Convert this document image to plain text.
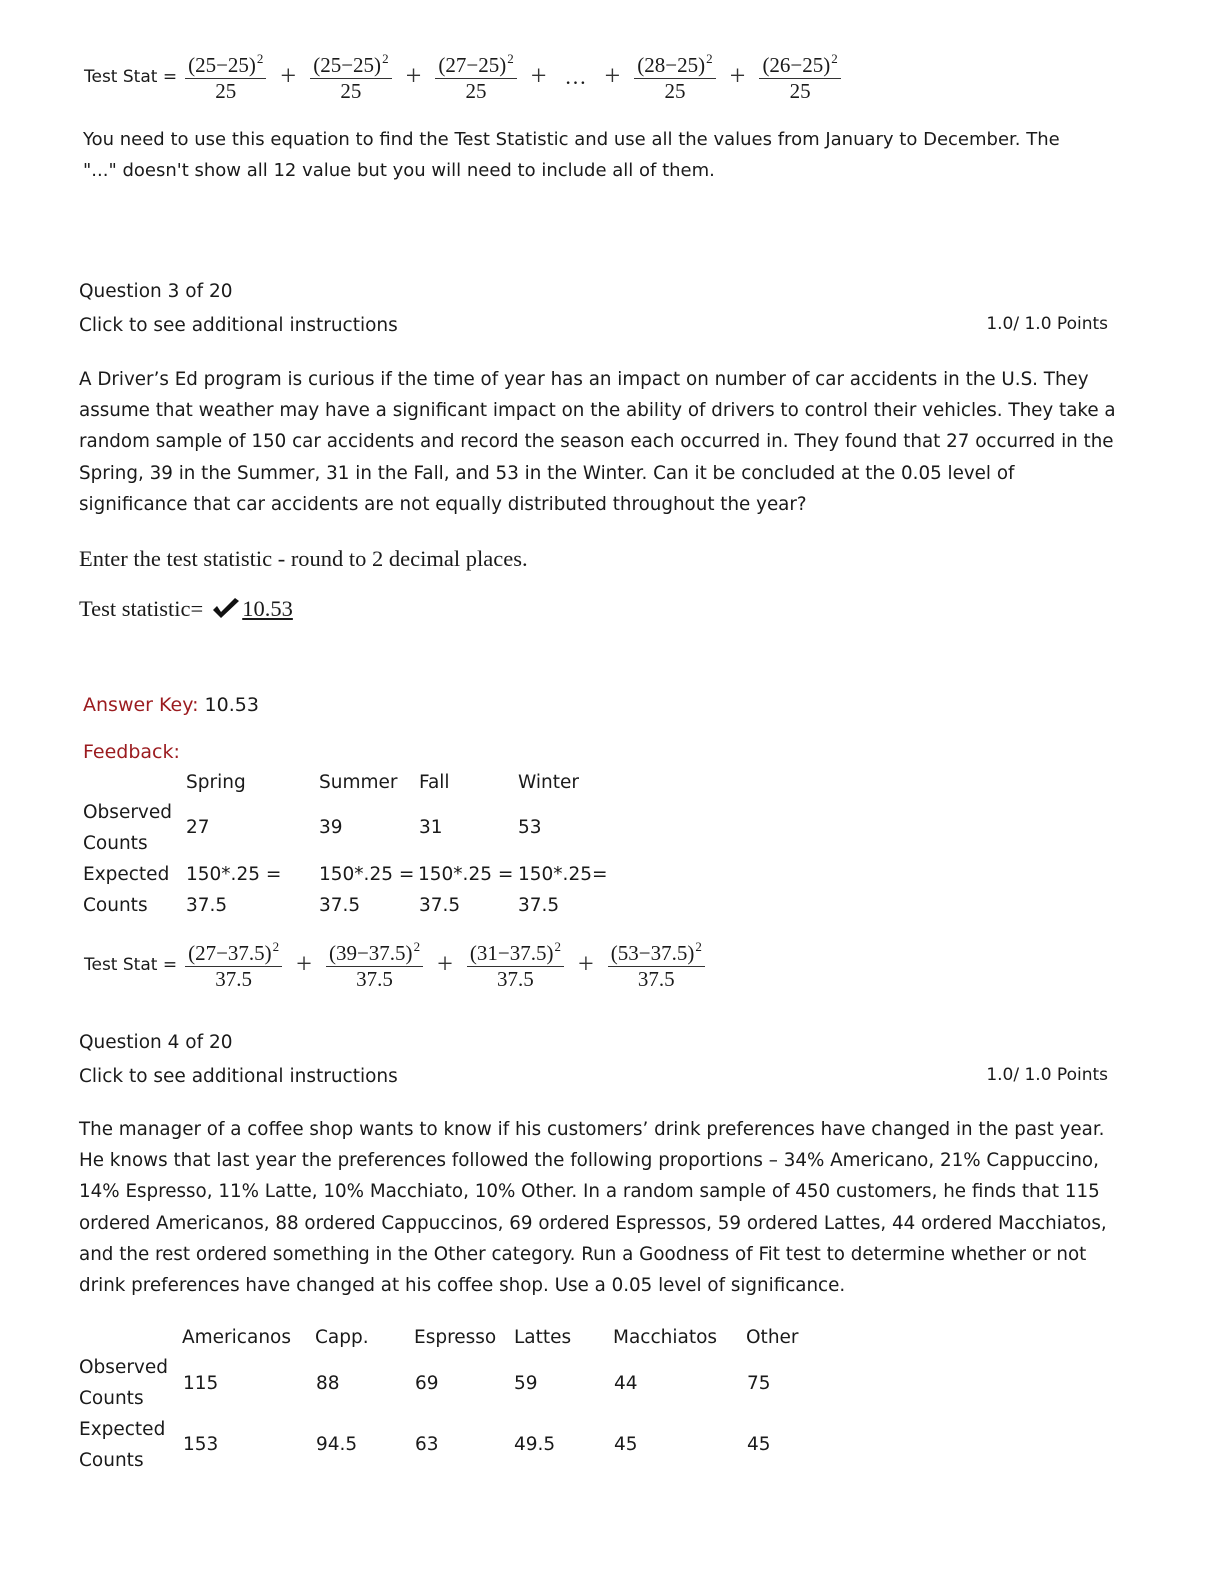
Test Stat = $\frac{(25-25)^2}{25} + \frac{(25-25)^2}{25} + \frac{(27-25)^2}{25}$ + … + $\frac{(28-25)^2}{25} + \frac{(26-25)^2}{25}$
You need to use this equation to find the Test Statistic and use all the values from January to December. The "..." doesn't show all 12 value but you will need to include all of them.
Question 3 of 20
Click to see additional instructions	1.0/ 1.0 Points
A Driver’s Ed program is curious if the time of year has an impact on number of car accidents in the U.S. They assume that weather may have a significant impact on the ability of drivers to control their vehicles. They take a random sample of 150 car accidents and record the season each occurred in. They found that 27 occurred in the Spring, 39 in the Summer, 31 in the Fall, and 53 in the Winter. Can it be concluded at the 0.05 level of significance that car accidents are not equally distributed throughout the year?
Enter the test statistic - round to 2 decimal places.
Test statistic= 10.53
Answer Key: 10.53
Feedback:
Spring	Summer Fall	Winter
Observed
Counts
27	39	31	53
Expected
Counts
150*.25 = 150*.25 = 150*.25 = 150*.25=
37.5	37.5	37.5	37.5
Test Stat = $\frac{(27-37.5)^2}{37.5} + \frac{(39-37.5)^2}{37.5} + \frac{(31-37.5)^2}{37.5} + \frac{(53-37.5)^2}{37.5}$
Question 4 of 20
Click to see additional instructions	1.0/ 1.0 Points
The manager of a coffee shop wants to know if his customers’ drink preferences have changed in the past year. He knows that last year the preferences followed the following proportions – 34% Americano, 21% Cappuccino, 14% Espresso, 11% Latte, 10% Macchiato, 10% Other. In a random sample of 450 customers, he finds that 115 ordered Americanos, 88 ordered Cappuccinos, 69 ordered Espressos, 59 ordered Lattes, 44 ordered Macchiatos, and the rest ordered something in the Other category. Run a Goodness of Fit test to determine whether or not drink preferences have changed at his coffee shop. Use a 0.05 level of significance.
Americanos Capp. Espresso Lattes Macchiatos Other
Observed
Counts
115	88	69	59	44	75
Expected
Counts
153	94.5	63	49.5	45	45
